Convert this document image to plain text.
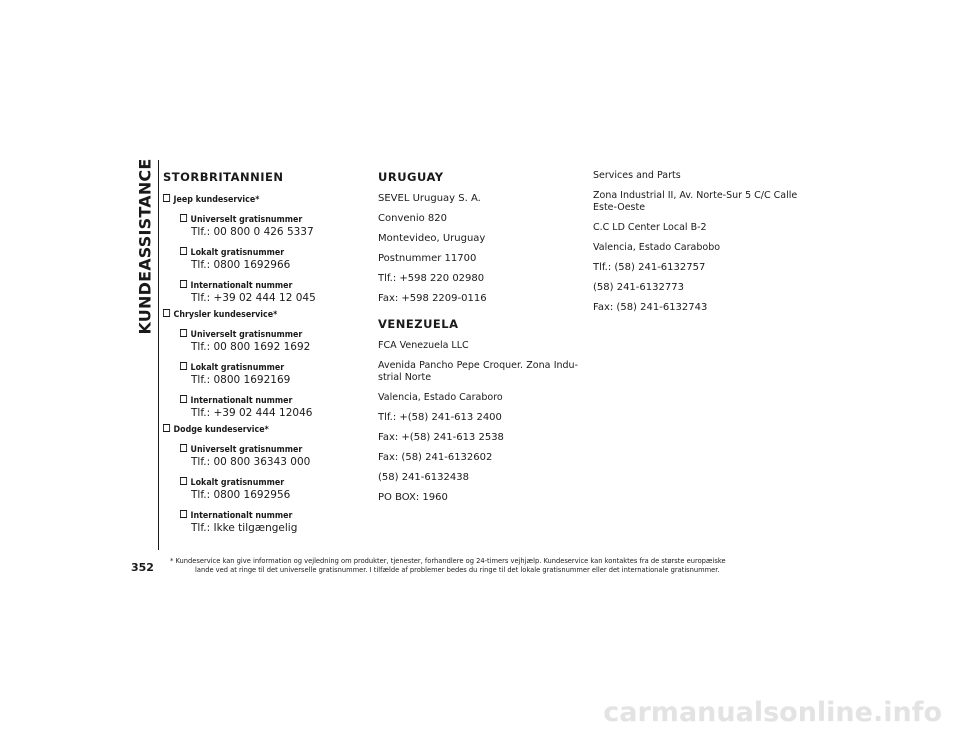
KUNDEASSISTANCE STORBRITANNIEN
Jeep kundeservice*
Universelt gratisnummer
Tlf.: 00 800 0 426 5337
Lokalt gratisnummer
Tlf.: 0800 1692966
Internationalt nummer
Tlf.: +39 02 444 12 045
Chrysler kundeservice*
Universelt gratisnummer
Tlf.: 00 800 1692 1692
Lokalt gratisnummer
Tlf.: 0800 1692169
Internationalt nummer
Tlf.: +39 02 444 12046
Dodge kundeservice*
Universelt gratisnummer
Tlf.: 00 800 36343 000
Lokalt gratisnummer
Tlf.: 0800 1692956
Internationalt nummer
Tlf.: Ikke tilgængelig
URUGUAY
SEVEL Uruguay S. A.
Convenio 820
Montevideo, Uruguay
Postnummer 11700
Tlf.: +598 220 02980
Fax: +598 2209-0116
VENEZUELA
FCA Venezuela LLC
Avenida Pancho Pepe Croquer. Zona Indu-strial Norte
Valencia, Estado Caraboro
Tlf.: +(58) 241-613 2400
Fax: +(58) 241-613 2538
Fax: (58) 241-6132602
(58) 241-6132438
PO BOX: 1960
Services and Parts
Zona Industrial II, Av. Norte-Sur 5 C/C Calle Este-Oeste
C.C LD Center Local B-2
Valencia, Estado Carabobo
Tlf.: (58) 241-6132757
(58) 241-6132773
Fax: (58) 241-6132743
352 * Kundeservice kan give information og vejledning om produkter, tjenester, forhandlere og 24-timers vejhjælp. Kundeservice kan kontaktes fra de største europæiske
lande ved at ringe til det universelle gratisnummer. I tilfælde af problemer bedes du ringe til det lokale gratisnummer eller det internationale gratisnummer.
carmanualsonline.info
